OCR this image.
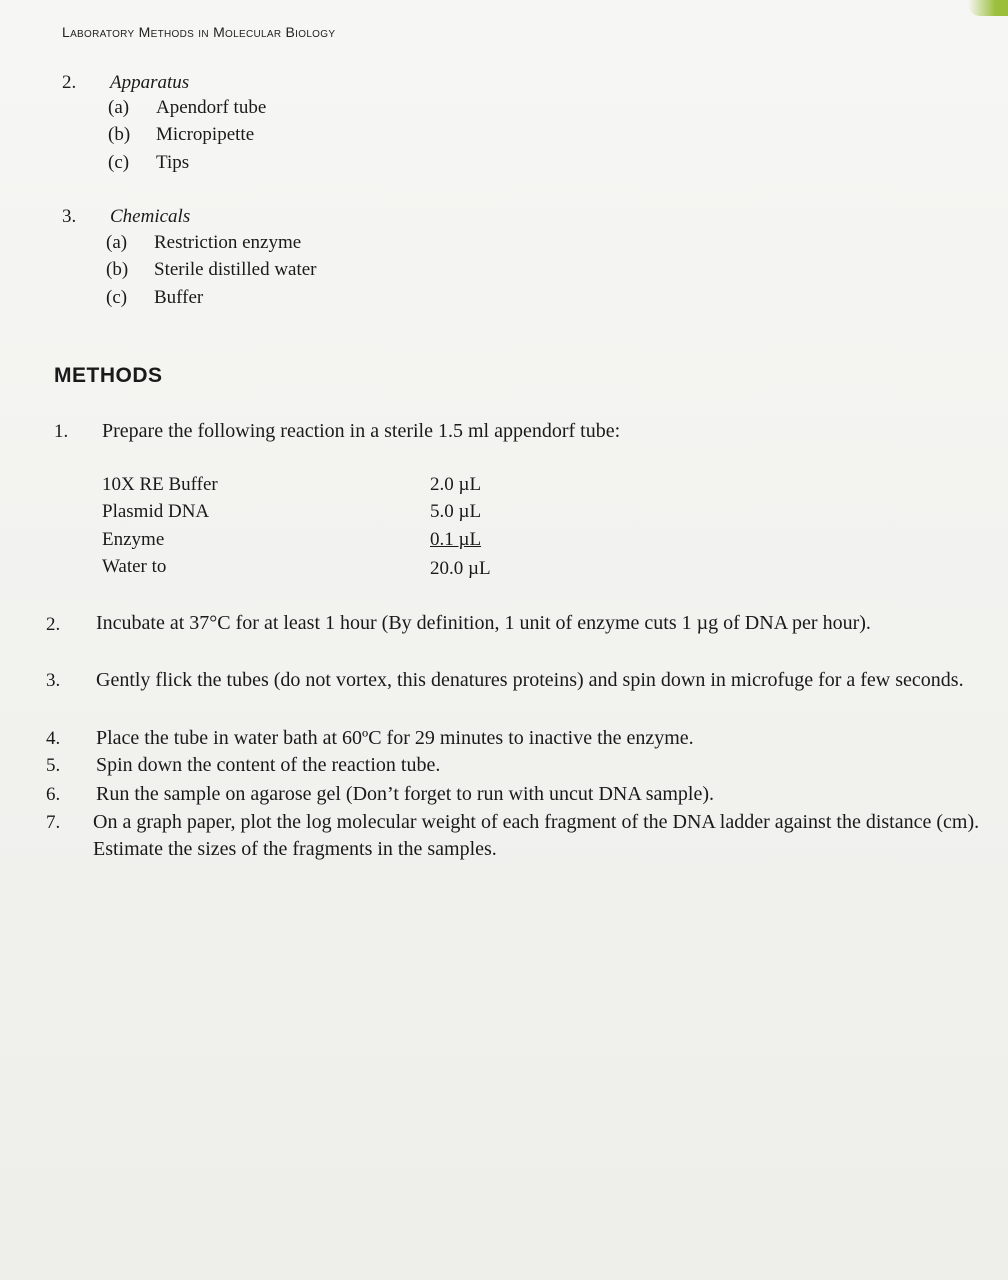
Laboratory Methods in Molecular Biology
2. Apparatus
(a) Apendorf tube
(b) Micropipette
(c) Tips
3. Chemicals
(a) Restriction enzyme
(b) Sterile distilled water
(c) Buffer
METHODS
1. Prepare the following reaction in a sterile 1.5 ml appendorf tube:
10X RE Buffer	2.0 µL
Plasmid DNA	5.0 µL
Enzyme	0.1 µL
Water to	20.0 µL
2. Incubate at 37°C for at least 1 hour (By definition, 1 unit of enzyme cuts 1 µg of DNA per hour).
3. Gently flick the tubes (do not vortex, this denatures proteins) and spin down in microfuge for a few seconds.
4. Place the tube in water bath at 60ºC for 29 minutes to inactive the enzyme.
5. Spin down the content of the reaction tube.
6. Run the sample on agarose gel (Don’t forget to run with uncut DNA sample).
7. On a graph paper, plot the log molecular weight of each fragment of the DNA ladder against the distance (cm). Estimate the sizes of the fragments in the samples.
